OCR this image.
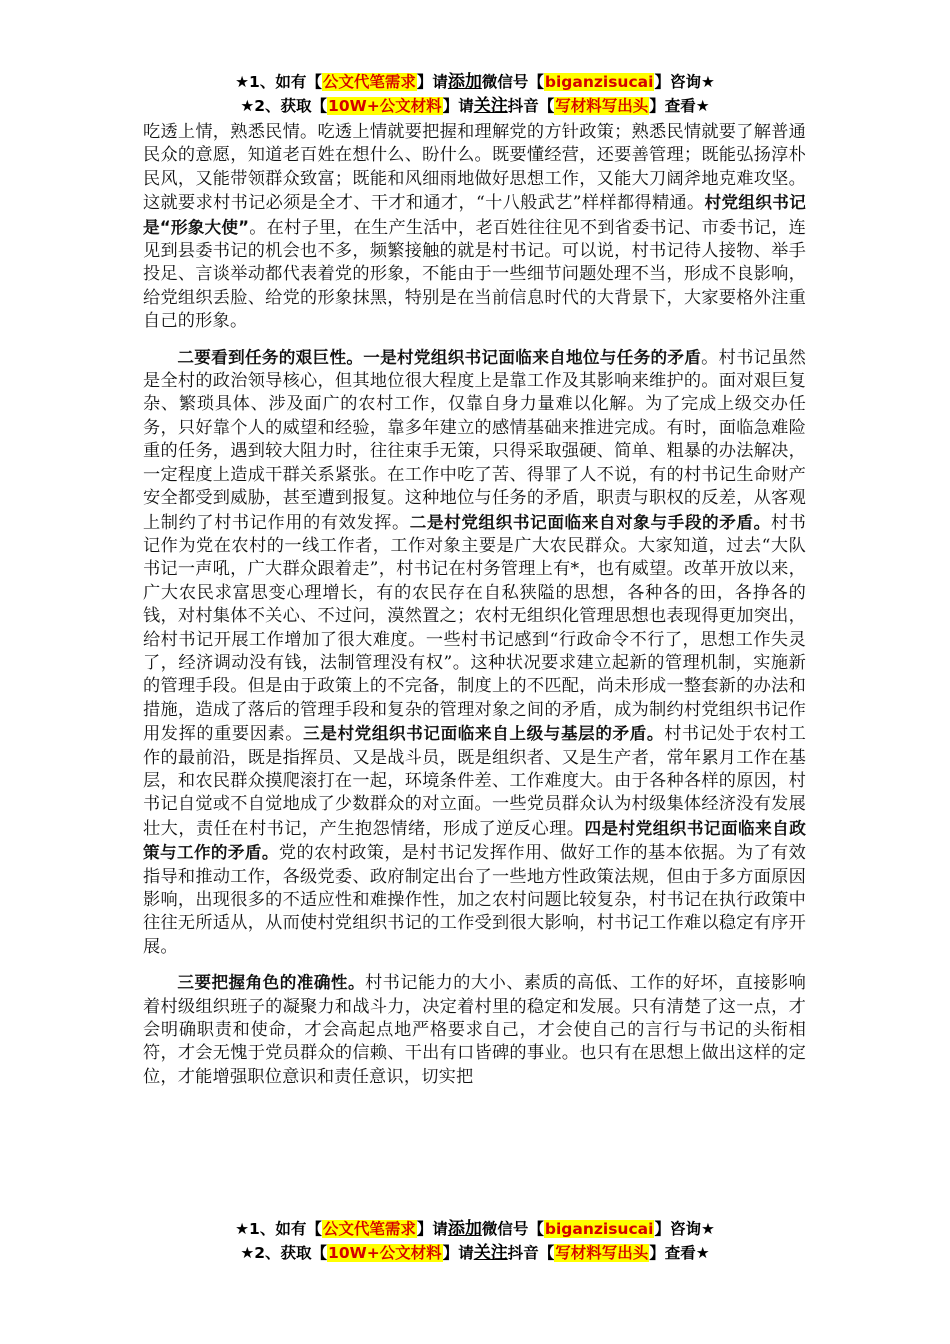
★1、如有【公文代笔需求】请添加微信号【biganzisucai】咨询★
★2、获取【10W+公文材料】请关注抖音【写材料写出头】查看★

吃透上情，熟悉民情。吃透上情就要把握和理解党的方针政策；熟悉民情就要了解普通民众的意愿，知道老百姓在想什么、盼什么。既要懂经营，还要善管理；既能弘扬淳朴民风，又能带领群众致富；既能和风细雨地做好思想工作，又能大刀阔斧地克难攻坚。这就要求村书记必须是全才、干才和通才，“十八般武艺”样样都得精通。村党组织书记是“形象大使”。在村子里，在生产生活中，老百姓往往见不到省委书记、市委书记，连见到县委书记的机会也不多，频繁接触的就是村书记。可以说，村书记待人接物、举手投足、言谈举动都代表着党的形象，不能由于一些细节问题处理不当，形成不良影响，给党组织丢脸、给党的形象抹黑，特别是在当前信息时代的大背景下，大家要格外注重自己的形象。

二要看到任务的艰巨性。一是村党组织书记面临来自地位与任务的矛盾。村书记虽然是全村的政治领导核心，但其地位很大程度上是靠工作及其影响来维护的。面对艰巨复杂、繁琐具体、涉及面广的农村工作，仅靠自身力量难以化解。为了完成上级交办任务，只好靠个人的威望和经验，靠多年建立的感情基础来推进完成。有时，面临急难险重的任务，遇到较大阻力时，往往束手无策，只得采取强硬、简单、粗暴的办法解决，一定程度上造成干群关系紧张。在工作中吃了苦、得罪了人不说，有的村书记生命财产安全都受到威胁，甚至遭到报复。这种地位与任务的矛盾，职责与职权的反差，从客观上制约了村书记作用的有效发挥。二是村党组织书记面临来自对象与手段的矛盾。村书记作为党在农村的一线工作者，工作对象主要是广大农民群众。大家知道，过去“大队书记一声吼，广大群众跟着走”，村书记在村务管理上有*，也有威望。改革开放以来，广大农民求富思变心理增长，有的农民存在自私狭隘的思想，各种各的田，各挣各的钱，对村集体不关心、不过问，漠然置之；农村无组织化管理思想也表现得更加突出，给村书记开展工作增加了很大难度。一些村书记感到“行政命令不行了，思想工作失灵了，经济调动没有钱，法制管理没有权”。这种状况要求建立起新的管理机制，实施新的管理手段。但是由于政策上的不完备，制度上的不匹配，尚未形成一整套新的办法和措施，造成了落后的管理手段和复杂的管理对象之间的矛盾，成为制约村党组织书记作用发挥的重要因素。三是村党组织书记面临来自上级与基层的矛盾。村书记处于农村工作的最前沿，既是指挥员、又是战斗员，既是组织者、又是生产者，常年累月工作在基层，和农民群众摸爬滚打在一起，环境条件差、工作难度大。由于各种各样的原因，村书记自觉或不自觉地成了少数群众的对立面。一些党员群众认为村级集体经济没有发展壮大，责任在村书记，产生抱怨情绪，形成了逆反心理。四是村党组织书记面临来自政策与工作的矛盾。党的农村政策，是村书记发挥作用、做好工作的基本依据。为了有效指导和推动工作，各级党委、政府制定出台了一些地方性政策法规，但由于多方面原因影响，出现很多的不适应性和难操作性，加之农村问题比较复杂，村书记在执行政策中往往无所适从，从而使村党组织书记的工作受到很大影响，村书记工作难以稳定有序开展。

三要把握角色的准确性。村书记能力的大小、素质的高低、工作的好坏，直接影响着村级组织班子的凝聚力和战斗力，决定着村里的稳定和发展。只有清楚了这一点，才会明确职责和使命，才会高起点地严格要求自己，才会使自己的言行与书记的头衔相符，才会无愧于党员群众的信赖、干出有口皆碑的事业。也只有在思想上做出这样的定位，才能增强职位意识和责任意识，切实把

★1、如有【公文代笔需求】请添加微信号【biganzisucai】咨询★
★2、获取【10W+公文材料】请关注抖音【写材料写出头】查看★
